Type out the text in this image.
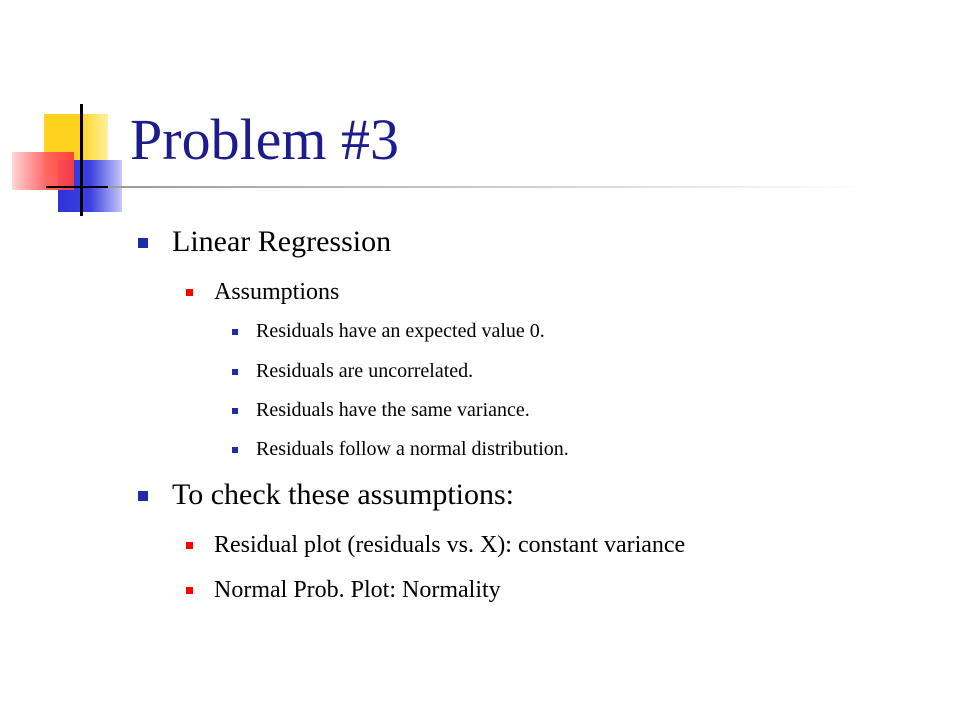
Problem #3
Linear Regression
Assumptions
Residuals have an expected value 0.
Residuals are uncorrelated.
Residuals have the same variance.
Residuals follow a normal distribution.
To check these assumptions:
Residual plot (residuals vs. X): constant variance
Normal Prob. Plot: Normality
